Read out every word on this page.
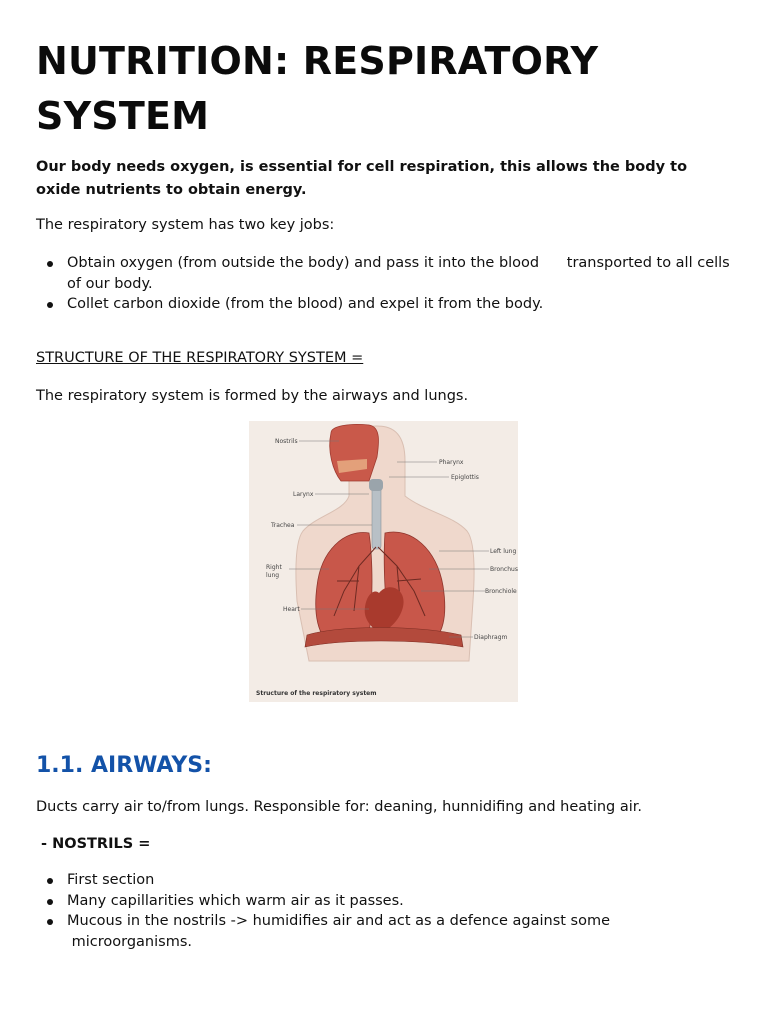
NUTRITION: RESPIRATORY
SYSTEM

Our body needs oxygen, is essential for cell respiration, this allows the body to oxide nutrients to obtain energy.

The respiratory system has two key jobs:

Obtain oxygen (from outside the body) and pass it into the blood      transported to all cells
of our body.
Collet carbon dioxide (from the blood) and expel it from the body.

STRUCTURE OF THE RESPIRATORY SYSTEM =

The respiratory system is formed by the airways and lungs.

Nostrils
Pharynx
Epiglottis
Larynx
Trachea
Left lung
Right
lung
Bronchus
Bronchiole
Heart
Diaphragm
Structure of the respiratory system
1.1. AIRWAYS:

Ducts carry air to/from lungs. Responsible for: deaning, hunnidifing and heating air.

- NOSTRILS =

First section
Many capillarities which warm air as it passes.
Mucous in the nostrils -> humidifies air and act as a defence against some  microorganisms.
